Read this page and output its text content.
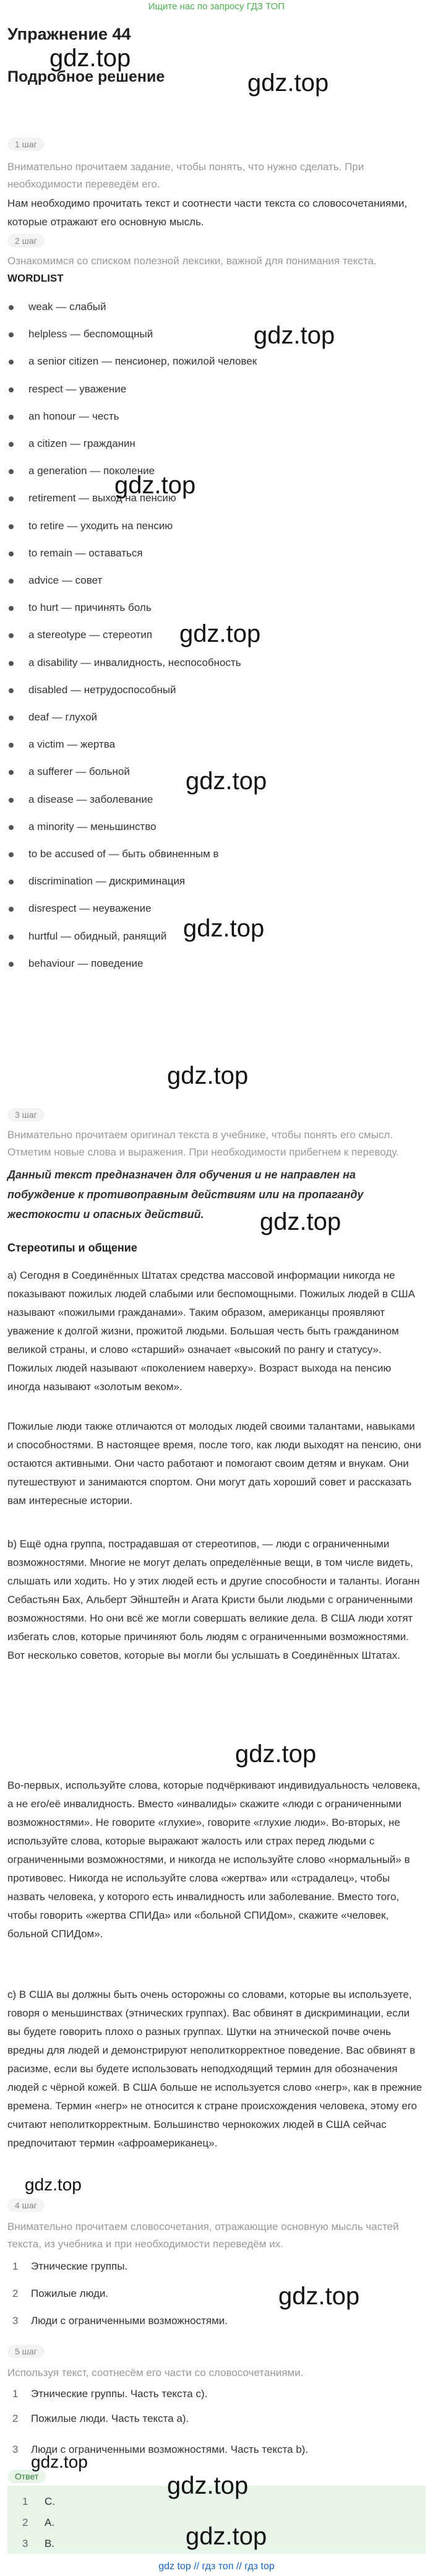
Ищите нас по запросу ГДЗ ТОП
Упражнение 44
gdz.top
Подробное решение	gdz.top
1 шаг
Внимательно прочитаем задание, чтобы понять, что нужно сделать. При необходимости переведём его.
Нам необходимо прочитать текст и соотнести части текста со словосочетаниями, которые отражают его основную мысль.
2 шаг
Ознакомимся со списком полезной лексики, важной для понимания текста.
WORDLIST
weak — слабый
helpless — беспомощный
a senior citizen — пенсионер, пожилой человек
respect — уважение
an honour — честь
a citizen — гражданин
a generation — поколение
retirement — выход на пенсию
to retire — уходить на пенсию
to remain — оставаться
advice — совет
to hurt — причинять боль
a stereotype — стереотип
a disability — инвалидность, неспособность
disabled — нетрудоспособный
deaf — глухой
a victim — жертва
a sufferer — больной
a disease — заболевание
a minority — меньшинство
to be accused of — быть обвиненным в
discrimination — дискриминация
disrespect — неуважение
hurtful — обидный, ранящий
behaviour — поведение
gdz.top
gdz.top
gdz.top
gdz.top
gdz.top
gdz.top
3 шаг
Внимательно прочитаем оригинал текста в учебнике, чтобы понять его смысл. Отметим новые слова и выражения. При необходимости прибегнем к переводу.
Данный текст предназначен для обучения и не направлен на побуждение к противоправным действиям или на пропаганду жестокости и опасных действий.	gdz.top
Стереотипы и общение
а) Сегодня в Соединённых Штатах средства массовой информации никогда не показывают пожилых людей слабыми или беспомощными. Пожилых людей в США называют «пожилыми гражданами». Таким образом, американцы проявляют уважение к долгой жизни, прожитой людьми. Большая честь быть гражданином великой страны, и слово «старший» означает «высокий по рангу и статусу». Пожилых людей называют «поколением наверху». Возраст выхода на пенсию иногда называют «золотым веком».
Пожилые люди также отличаются от молодых людей своими талантами, навыками и способностями. В настоящее время, после того, как люди выходят на пенсию, они остаются активными. Они часто работают и помогают своим детям и внукам. Они путешествуют и занимаются спортом. Они могут дать хороший совет и рассказать вам интересные истории.
b) Ещё одна группа, пострадавшая от стереотипов, — люди с ограниченными возможностями. Многие не могут делать определённые вещи, в том числе видеть, слышать или ходить. Но у этих людей есть и другие способности и таланты. Иоганн Себастьян Бах, Альберт Эйнштейн и Агата Кристи были людьми с ограниченными возможностями. Но они всё же могли совершать великие дела. В США люди хотят избегать слов, которые причиняют боль людям с ограниченными возможностями. Вот несколько советов, которые вы могли бы услышать в Соединённых Штатах.
gdz.top
Во-первых, используйте слова, которые подчёркивают индивидуальность человека, а не его/её инвалидность. Вместо «инвалиды» скажите «люди с ограниченными возможностями». Не говорите «глухие», говорите «глухие люди». Во-вторых, не используйте слова, которые выражают жалость или страх перед людьми с ограниченными возможностями, и никогда не используйте слово «нормальный» в противовес. Никогда не используйте слова «жертва» или «страдалец», чтобы назвать человека, у которого есть инвалидность или заболевание. Вместо того, чтобы говорить «жертва СПИДа» или «больной СПИДом», скажите «человек, больной СПИДом».
с) В США вы должны быть очень осторожны со словами, которые вы используете, говоря о меньшинствах (этнических группах). Вас обвинят в дискриминации, если вы будете говорить плохо о разных группах. Шутки на этнической почве очень вредны для людей и демонстрируют неполиткорректное поведение. Вас обвинят в расизме, если вы будете использовать неподходящий термин для обозначения людей с чёрной кожей. В США больше не используется слово «негр», как в прежние времена. Термин «негр» не относится к стране происхождения человека, этому его считают неполиткорректным. Большинство чернокожих людей в США сейчас предпочитают термин «афроамериканец».
gdz.top
4 шаг
Внимательно прочитаем словосочетания, отражающие основную мысль частей текста, из учебника и при необходимости переведём их.
1 Этнические группы.
2 Пожилые люди.	gdz.top
3 Люди с ограниченными возможностями.
5 шаг
Используя текст, соотнесём его части со словосочетаниями.
1 Этнические группы. Часть текста с).
2 Пожилые люди. Часть текста а).
3 Люди с ограниченными возможностями. Часть текста b).
Ответ
gdz.top
gdz.top
1 C.
2 A.
gdz.top
3 B.
gdz top // гдз топ // гдз top
